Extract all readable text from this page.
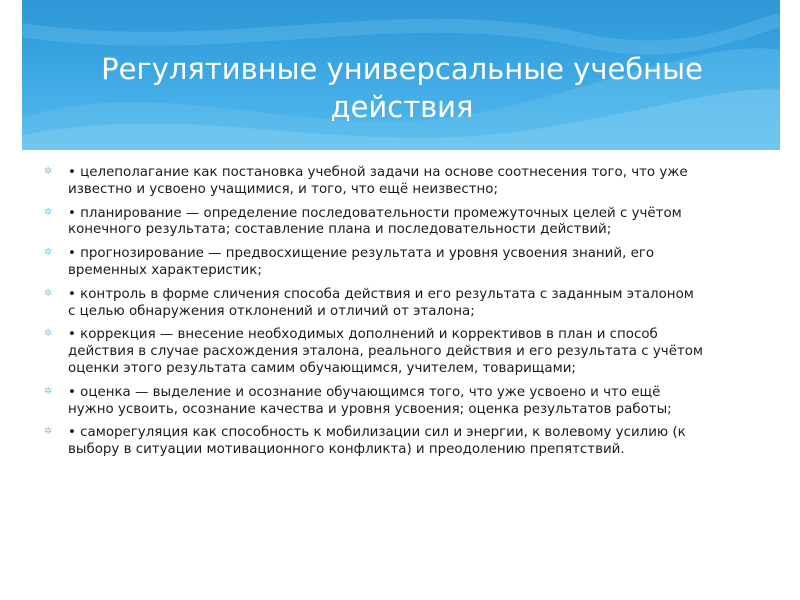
Регулятивные универсальные учебные действия
✲ • целеполагание как постановка учебной задачи на основе соотнесения того, что уже известно и усвоено учащимися, и того, что ещё неизвестно;
✲ • планирование — определение последовательности промежуточных целей с учётом конечного результата; составление плана и последовательности действий;
✲ • прогнозирование — предвосхищение результата и уровня усвоения знаний, его временных характеристик;
✲ • контроль в форме сличения способа действия и его результата с заданным эталоном с целью обнаружения отклонений и отличий от эталона;
✲ • коррекция — внесение необходимых дополнений и коррективов в план и способ действия в случае расхождения эталона, реального действия и его результата с учётом оценки этого результата самим обучающимся, учителем, товарищами;
✲ • оценка — выделение и осознание обучающимся того, что уже усвоено и что ещё нужно усвоить, осознание качества и уровня усвоения; оценка результатов работы;
✲ • саморегуляция как способность к мобилизации сил и энергии, к волевому усилию (к выбору в ситуации мотивационного конфликта) и преодолению препятствий.
